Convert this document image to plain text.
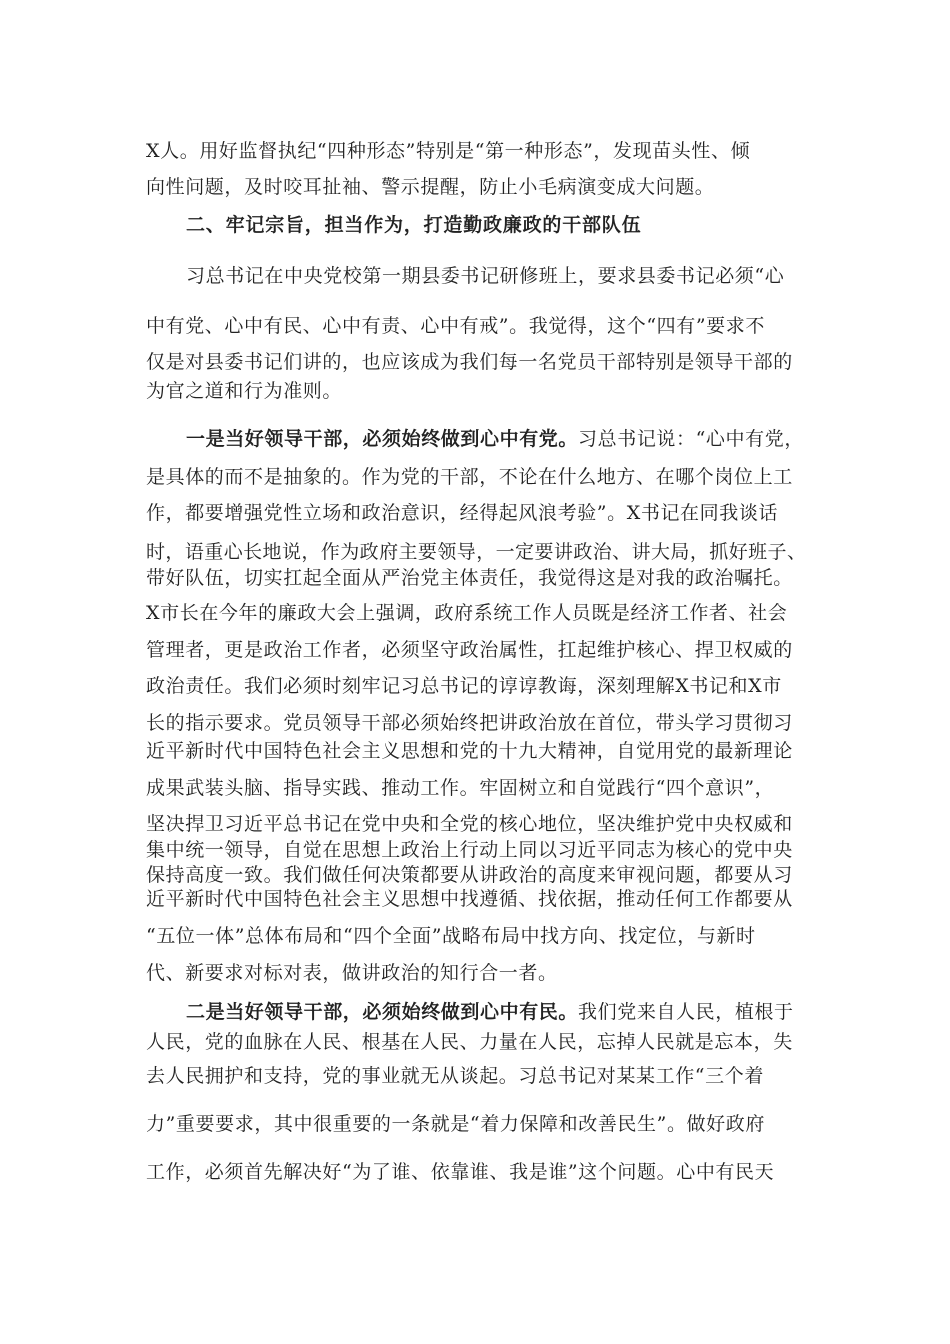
X人。用好监督执纪“四种形态”特别是“第一种形态”，发现苗头性、倾
向性问题，及时咬耳扯袖、警示提醒，防止小毛病演变成大问题。
二、牢记宗旨，担当作为，打造勤政廉政的干部队伍
习总书记在中央党校第一期县委书记研修班上，要求县委书记必须“心
中有党、心中有民、心中有责、心中有戒”。我觉得，这个“四有”要求不
仅是对县委书记们讲的，也应该成为我们每一名党员干部特别是领导干部的
为官之道和行为准则。
一是当好领导干部，必须始终做到心中有党。习总书记说：“心中有党，
是具体的而不是抽象的。作为党的干部，不论在什么地方、在哪个岗位上工
作，都要增强党性立场和政治意识，经得起风浪考验”。X书记在同我谈话
时，语重心长地说，作为政府主要领导，一定要讲政治、讲大局，抓好班子、
带好队伍，切实扛起全面从严治党主体责任，我觉得这是对我的政治嘱托。
X市长在今年的廉政大会上强调，政府系统工作人员既是经济工作者、社会
管理者，更是政治工作者，必须坚守政治属性，扛起维护核心、捍卫权威的
政治责任。我们必须时刻牢记习总书记的谆谆教诲，深刻理解X书记和X市
长的指示要求。党员领导干部必须始终把讲政治放在首位，带头学习贯彻习
近平新时代中国特色社会主义思想和党的十九大精神，自觉用党的最新理论
成果武装头脑、指导实践、推动工作。牢固树立和自觉践行“四个意识”，
坚决捍卫习近平总书记在党中央和全党的核心地位，坚决维护党中央权威和
集中统一领导，自觉在思想上政治上行动上同以习近平同志为核心的党中央
保持高度一致。我们做任何决策都要从讲政治的高度来审视问题，都要从习
近平新时代中国特色社会主义思想中找遵循、找依据，推动任何工作都要从
“五位一体”总体布局和“四个全面”战略布局中找方向、找定位，与新时
代、新要求对标对表，做讲政治的知行合一者。
二是当好领导干部，必须始终做到心中有民。我们党来自人民，植根于
人民，党的血脉在人民、根基在人民、力量在人民，忘掉人民就是忘本，失
去人民拥护和支持，党的事业就无从谈起。习总书记对某某工作“三个着
力”重要要求，其中很重要的一条就是“着力保障和改善民生”。做好政府
工作，必须首先解决好“为了谁、依靠谁、我是谁”这个问题。心中有民天
